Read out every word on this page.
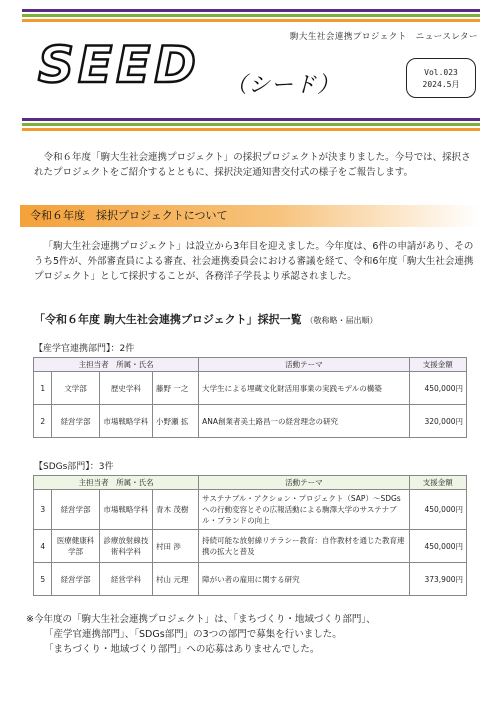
駒大生社会連携プロジェクト　ニュースレター
SEED （シード）
Vol.023
2024.5月

令和６年度「駒大生社会連携プロジェクト」の採択プロジェクトが決まりました。今号では、採択されたプロジェクトをご紹介するとともに、採択決定通知書交付式の様子をご報告します。

令和６年度　採択プロジェクトについて

「駒大生社会連携プロジェクト」は設立から3年目を迎えました。今年度は、6件の申請があり、そのうち5件が、外部審査員による審査、社会連携委員会における審議を経て、令和6年度「駒大生社会連携プロジェクト」として採択することが、各務洋子学長より承認されました。

「令和６年度 駒大生社会連携プロジェクト」採択一覧 （敬称略・届出順）
【産学官連携部門】：2件
主担当者　所属・氏名				活動テーマ	支援金額
1	文学部	歴史学科	藤野 一之	大学生による埋蔵文化財活用事業の実践モデルの構築	450,000円
2	経営学部	市場戦略学科	小野瀬 拡	ANA創業者美土路昌一の経営理念の研究	320,000円
【SDGs部門】：3件
主担当者　所属・氏名				活動テーマ	支援金額
3	経営学部	市場戦略学科	青木 茂樹	サステナブル・アクション・プロジェクト（SAP）～SDGsへの行動変容とその広報活動による駒澤大学のサステナブル・ブランドの向上	450,000円
4	医療健康科学部	診療放射線技術科学科	村田 渉	持続可能な放射線リテラシー教育：自作教材を通じた教育連携の拡大と普及	450,000円
5	経営学部	経営学科	村山 元理	障がい者の雇用に関する研究	373,900円
※今年度の「駒大生社会連携プロジェクト」は、「まちづくり・地域づくり部門」、
「産学官連携部門」、「SDGs部門」の3つの部門で募集を行いました。
「まちづくり・地域づくり部門」への応募はありませんでした。
